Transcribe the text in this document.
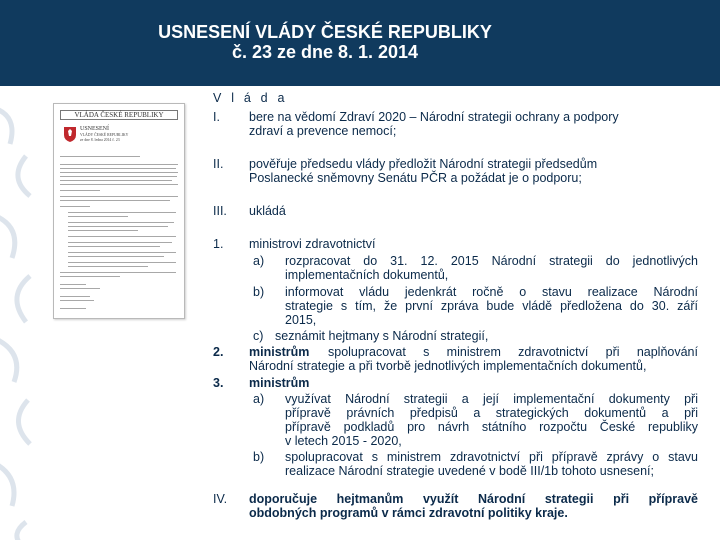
USNESENÍ VLÁDY ČESKÉ REPUBLIKY
č. 23 ze dne 8. 1. 2014
VLÁDA ČESKÉ REPUBLIKY
USNESENÍ
VLÁDY ČESKÉ REPUBLIKY
ze dne 8. ledna 2014 č. 23
V l á d a
I. bere na vědomí Zdraví 2020 – Národní strategii ochrany a podpory
zdraví a prevence nemocí;
II. pověřuje předsedu vlády předložit Národní strategii předsedům
Poslanecké sněmovny Senátu PČR a požádat je o podporu;
III. ukládá
1. ministrovi zdravotnictví
a) rozpracovat do 31. 12. 2015 Národní strategii do jednotlivých
implementačních dokumentů,
b) informovat vládu jedenkrát ročně o stavu realizace Národní
strategie s tím, že první zpráva bude vládě předložena do 30. září
2015,
c) seznámit hejtmany s Národní strategií,
2. ministrům spolupracovat s ministrem zdravotnictví při naplňování
Národní strategie a při tvorbě jednotlivých implementačních dokumentů,
3. ministrům
a) využívat Národní strategii a její implementační dokumenty při
přípravě právních předpisů a strategických dokumentů a při
přípravě podkladů pro návrh státního rozpočtu České republiky
v letech 2015 - 2020,
b) spolupracovat s ministrem zdravotnictví při přípravě zprávy o stavu
realizace Národní strategie uvedené v bodě III/1b tohoto usnesení;
IV. doporučuje hejtmanům využít Národní strategii při přípravě
obdobných programů v rámci zdravotní politiky kraje.
